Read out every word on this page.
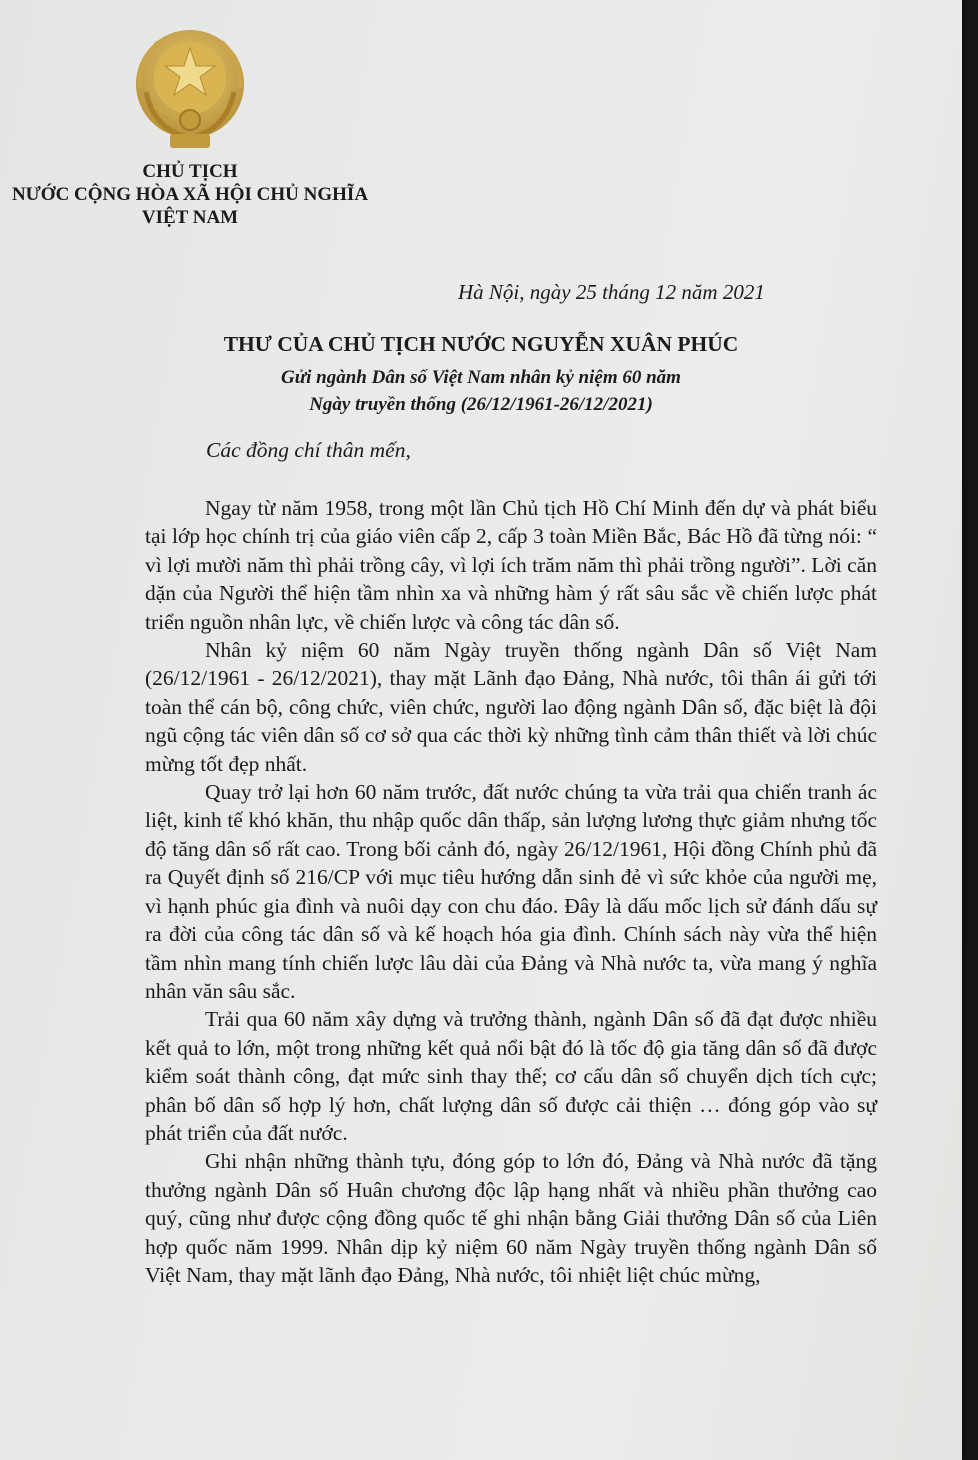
CHỦ TỊCH
NƯỚC CỘNG HÒA XÃ HỘI CHỦ NGHĨA
VIỆT NAM
Hà Nội, ngày 25 tháng 12 năm 2021
THƯ CỦA CHỦ TỊCH NƯỚC NGUYỄN XUÂN PHÚC
Gửi ngành Dân số Việt Nam nhân kỷ niệm 60 năm
Ngày truyền thống (26/12/1961-26/12/2021)
Các đồng chí thân mến,

Ngay từ năm 1958, trong một lần Chủ tịch Hồ Chí Minh đến dự và phát biểu tại lớp học chính trị của giáo viên cấp 2, cấp 3 toàn Miền Bắc, Bác Hồ đã từng nói: “ vì lợi mười năm thì phải trồng cây, vì lợi ích trăm năm thì phải trồng người”. Lời căn dặn của Người thể hiện tầm nhìn xa và những hàm ý rất sâu sắc về chiến lược phát triển nguồn nhân lực, về chiến lược và công tác dân số.

Nhân kỷ niệm 60 năm Ngày truyền thống ngành Dân số Việt Nam (26/12/1961 - 26/12/2021), thay mặt Lãnh đạo Đảng, Nhà nước, tôi thân ái gửi tới toàn thể cán bộ, công chức, viên chức, người lao động ngành Dân số, đặc biệt là đội ngũ cộng tác viên dân số cơ sở qua các thời kỳ những tình cảm thân thiết và lời chúc mừng tốt đẹp nhất.

Quay trở lại hơn 60 năm trước, đất nước chúng ta vừa trải qua chiến tranh ác liệt, kinh tế khó khăn, thu nhập quốc dân thấp, sản lượng lương thực giảm nhưng tốc độ tăng dân số rất cao. Trong bối cảnh đó, ngày 26/12/1961, Hội đồng Chính phủ đã ra Quyết định số 216/CP với mục tiêu hướng dẫn sinh đẻ vì sức khỏe của người mẹ, vì hạnh phúc gia đình và nuôi dạy con chu đáo. Đây là dấu mốc lịch sử đánh dấu sự ra đời của công tác dân số và kế hoạch hóa gia đình. Chính sách này vừa thể hiện tầm nhìn mang tính chiến lược lâu dài của Đảng và Nhà nước ta, vừa mang ý nghĩa nhân văn sâu sắc.

Trải qua 60 năm xây dựng và trưởng thành, ngành Dân số đã đạt được nhiều kết quả to lớn, một trong những kết quả nổi bật đó là tốc độ gia tăng dân số đã được kiểm soát thành công, đạt mức sinh thay thế; cơ cấu dân số chuyển dịch tích cực; phân bố dân số hợp lý hơn, chất lượng dân số được cải thiện … đóng góp vào sự phát triển của đất nước.

Ghi nhận những thành tựu, đóng góp to lớn đó, Đảng và Nhà nước đã tặng thưởng ngành Dân số Huân chương độc lập hạng nhất và nhiều phần thưởng cao quý, cũng như được cộng đồng quốc tế ghi nhận bằng Giải thưởng Dân số của Liên hợp quốc năm 1999. Nhân dịp kỷ niệm 60 năm Ngày truyền thống ngành Dân số Việt Nam, thay mặt lãnh đạo Đảng, Nhà nước, tôi nhiệt liệt chúc mừng,
